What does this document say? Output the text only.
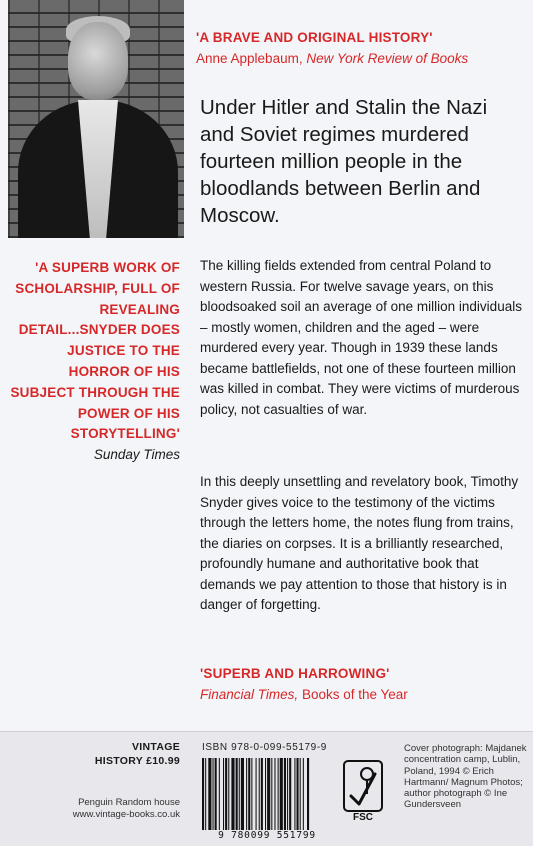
'A BRAVE AND ORIGINAL HISTORY'
Anne Applebaum, New York Review of Books
Under Hitler and Stalin the Nazi and Soviet regimes murdered fourteen million people in the bloodlands between Berlin and Moscow.
'A SUPERB WORK OF SCHOLARSHIP, FULL OF REVEALING DETAIL...SNYDER DOES JUSTICE TO THE HORROR OF HIS SUBJECT THROUGH THE POWER OF HIS STORYTELLING'
Sunday Times
The killing fields extended from central Poland to western Russia. For twelve savage years, on this bloodsoaked soil an average of one million individuals – mostly women, children and the aged – were murdered every year. Though in 1939 these lands became battlefields, not one of these fourteen million was killed in combat. They were victims of murderous policy, not casualties of war.
In this deeply unsettling and revelatory book, Timothy Snyder gives voice to the testimony of the victims through the letters home, the notes flung from trains, the diaries on corpses. It is a brilliantly researched, profoundly humane and authoritative book that demands we pay attention to those that history is in danger of forgetting.
'SUPERB AND HARROWING'
Financial Times, Books of the Year
VINTAGE
HISTORY £10.99
Penguin Random house
www.vintage-books.co.uk
ISBN 978-0-099-55179-9
9 780099 551799
FSC
Cover photograph: Majdanek concentration camp, Lublin, Poland, 1994 © Erich Hartmann/ Magnum Photos; author photograph © Ine Gundersveen
